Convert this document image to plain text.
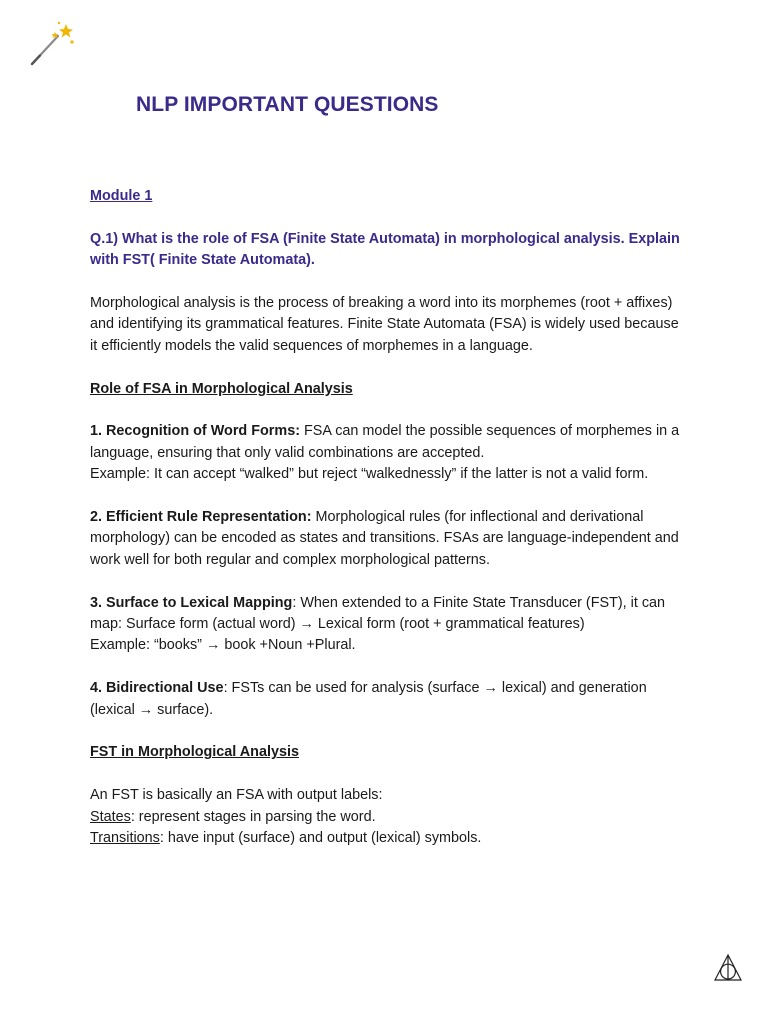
NLP IMPORTANT QUESTIONS

Module 1

Q.1) What is the role of FSA (Finite State Automata) in morphological analysis. Explain with FST( Finite State Automata).

Morphological analysis is the process of breaking a word into its morphemes (root + affixes) and identifying its grammatical features. Finite State Automata (FSA) is widely used because it efficiently models the valid sequences of morphemes in a language.

Role of FSA in Morphological Analysis

1. Recognition of Word Forms: FSA can model the possible sequences of morphemes in a language, ensuring that only valid combinations are accepted.
Example: It can accept “walked” but reject “walkednessly” if the latter is not a valid form.

2. Efficient Rule Representation: Morphological rules (for inflectional and derivational morphology) can be encoded as states and transitions. FSAs are language-independent and work well for both regular and complex morphological patterns.

3. Surface to Lexical Mapping: When extended to a Finite State Transducer (FST), it can map: Surface form (actual word) → Lexical form (root + grammatical features)
Example: “books” → book +Noun +Plural.

4. Bidirectional Use: FSTs can be used for analysis (surface → lexical) and generation (lexical → surface).

FST in Morphological Analysis

An FST is basically an FSA with output labels:
States: represent stages in parsing the word.
Transitions: have input (surface) and output (lexical) symbols.
